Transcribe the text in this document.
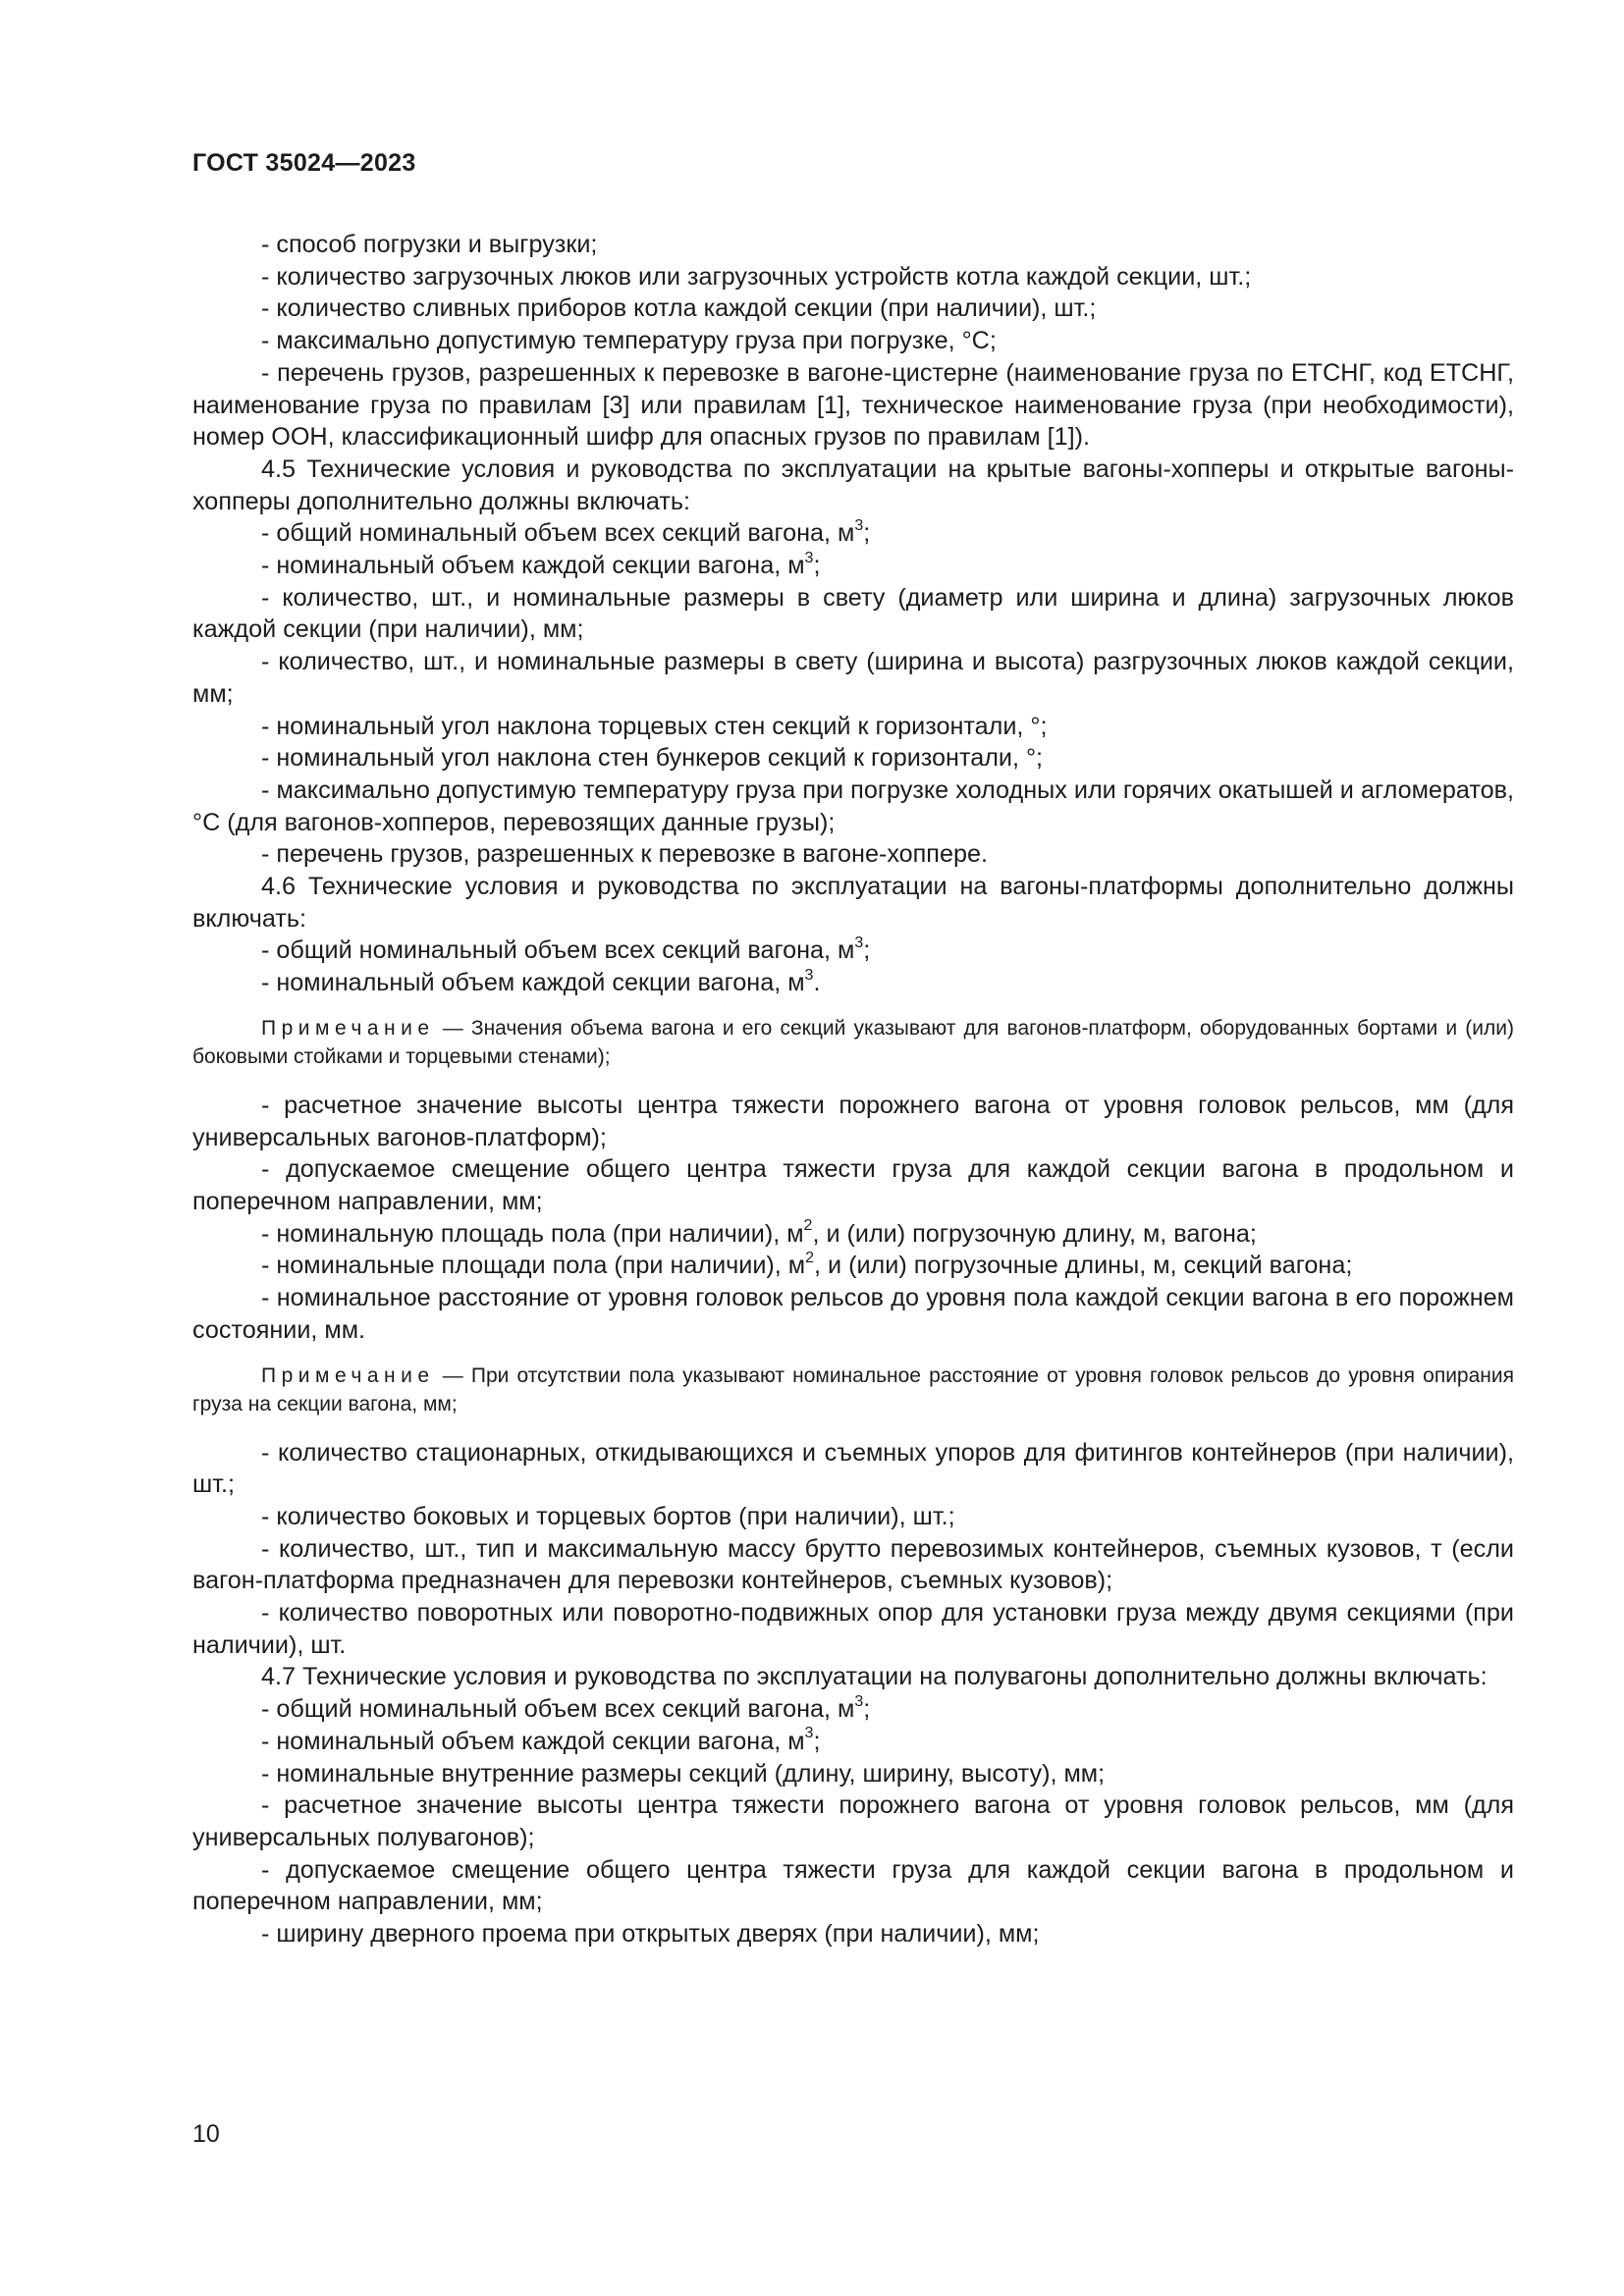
ГОСТ 35024—2023

- способ погрузки и выгрузки;

- количество загрузочных люков или загрузочных устройств котла каждой секции, шт.;

- количество сливных приборов котла каждой секции (при наличии), шт.;

- максимально допустимую температуру груза при погрузке, °С;

- перечень грузов, разрешенных к перевозке в вагоне-цистерне (наименование груза по ЕТСНГ, код ЕТСНГ, наименование груза по правилам [3] или правилам [1], техническое наименование груза (при необходимости), номер ООН, классификационный шифр для опасных грузов по правилам [1]).

4.5 Технические условия и руководства по эксплуатации на крытые вагоны-хопперы и открытые вагоны-хопперы дополнительно должны включать:

- общий номинальный объем всех секций вагона, $м^3$;

- номинальный объем каждой секции вагона, $м^3$;

- количество, шт., и номинальные размеры в свету (диаметр или ширина и длина) загрузочных люков каждой секции (при наличии), мм;

- количество, шт., и номинальные размеры в свету (ширина и высота) разгрузочных люков каждой секции, мм;

- номинальный угол наклона торцевых стен секций к горизонтали, °;

- номинальный угол наклона стен бункеров секций к горизонтали, °;

- максимально допустимую температуру груза при погрузке холодных или горячих окатышей и агломератов, °С (для вагонов-хопперов, перевозящих данные грузы);

- перечень грузов, разрешенных к перевозке в вагоне-хоппере.

4.6 Технические условия и руководства по эксплуатации на вагоны-платформы дополнительно должны включать:

- общий номинальный объем всех секций вагона, $м^3$;

- номинальный объем каждой секции вагона, $м^3$.

Примечание — Значения объема вагона и его секций указывают для вагонов-платформ, оборудованных бортами и (или) боковыми стойками и торцевыми стенами);

- расчетное значение высоты центра тяжести порожнего вагона от уровня головок рельсов, мм (для универсальных вагонов-платформ);

- допускаемое смещение общего центра тяжести груза для каждой секции вагона в продольном и поперечном направлении, мм;

- номинальную площадь пола (при наличии), $м^2$, и (или) погрузочную длину, м, вагона;

- номинальные площади пола (при наличии), $м^2$, и (или) погрузочные длины, м, секций вагона;

- номинальное расстояние от уровня головок рельсов до уровня пола каждой секции вагона в его порожнем состоянии, мм.

Примечание — При отсутствии пола указывают номинальное расстояние от уровня головок рельсов до уровня опирания груза на секции вагона, мм;

- количество стационарных, откидывающихся и съемных упоров для фитингов контейнеров (при наличии), шт.;

- количество боковых и торцевых бортов (при наличии), шт.;

- количество, шт., тип и максимальную массу брутто перевозимых контейнеров, съемных кузовов, т (если вагон-платформа предназначен для перевозки контейнеров, съемных кузовов);

- количество поворотных или поворотно-подвижных опор для установки груза между двумя секциями (при наличии), шт.

4.7 Технические условия и руководства по эксплуатации на полувагоны дополнительно должны включать:

- общий номинальный объем всех секций вагона, $м^3$;

- номинальный объем каждой секции вагона, $м^3$;

- номинальные внутренние размеры секций (длину, ширину, высоту), мм;

- расчетное значение высоты центра тяжести порожнего вагона от уровня головок рельсов, мм (для универсальных полувагонов);

- допускаемое смещение общего центра тяжести груза для каждой секции вагона в продольном и поперечном направлении, мм;

- ширину дверного проема при открытых дверях (при наличии), мм;

10
